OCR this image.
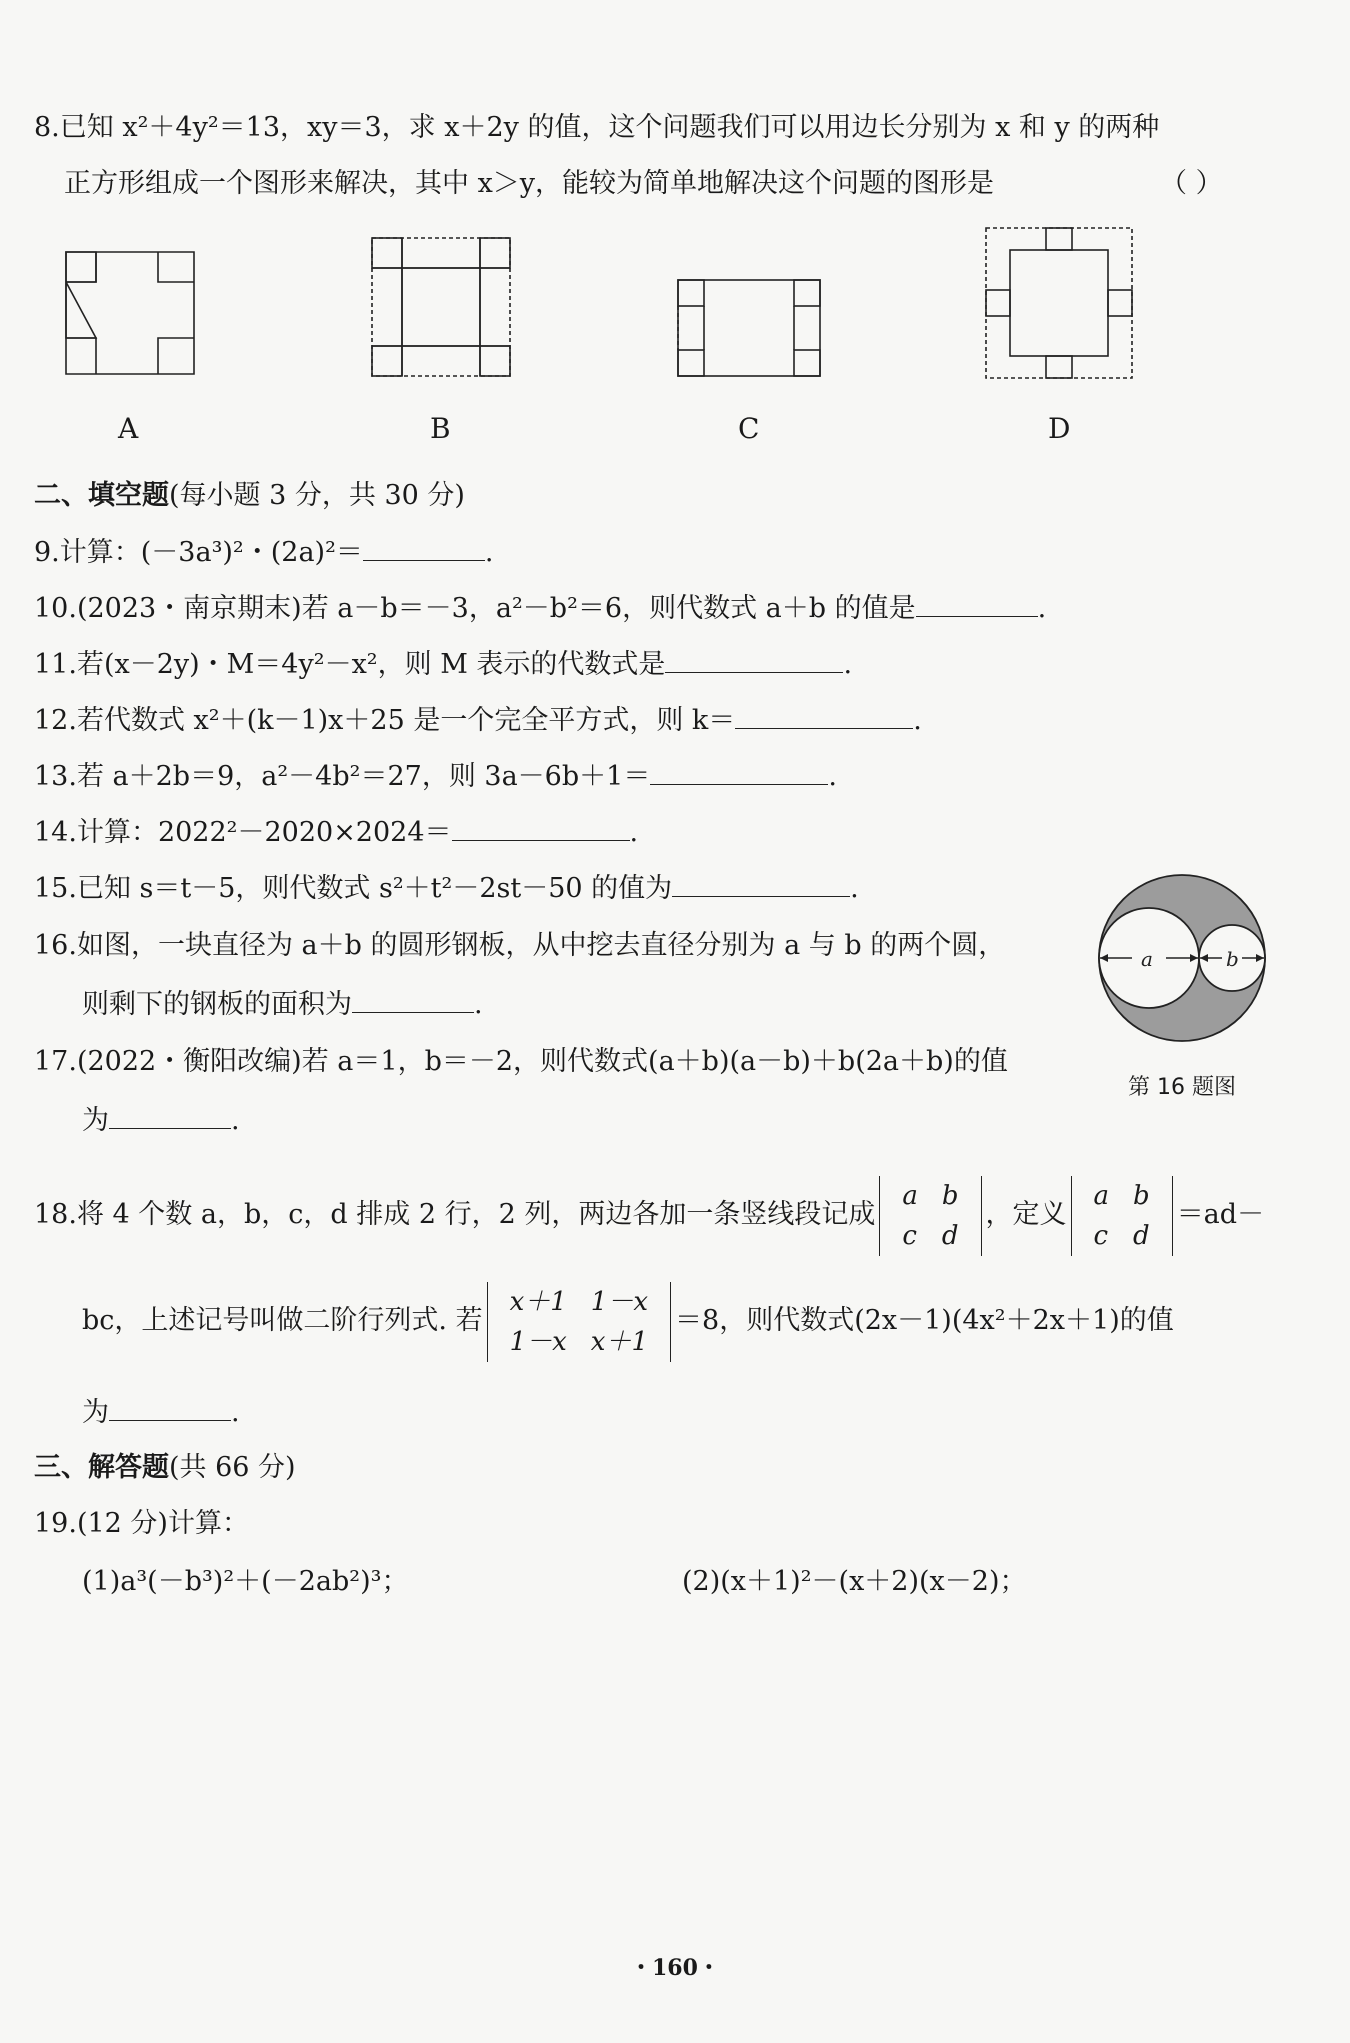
8.已知 x²＋4y²＝13，xy＝3，求 x＋2y 的值，这个问题我们可以用边长分别为 x 和 y 的两种
正方形组成一个图形来解决，其中 x＞y，能较为简单地解决这个问题的图形是	（ ）
A	B	C	D
二、填空题(每小题 3 分，共 30 分)
9.计算：(－3a³)²・(2a)²＝	.
10.(2023・南京期末)若 a－b＝－3，a²－b²＝6，则代数式 a＋b 的值是	.
11.若(x－2y)・M＝4y²－x²，则 M 表示的代数式是	.
12.若代数式 x²＋(k－1)x＋25 是一个完全平方式，则 k＝	.
13.若 a＋2b＝9，a²－4b²＝27，则 3a－6b＋1＝	.
14.计算：2022²－2020×2024＝	.
15.已知 s＝t－5，则代数式 s²＋t²－2st－50 的值为	.
16.如图，一块直径为 a＋b 的圆形钢板，从中挖去直径分别为 a 与 b 的两个圆，
则剩下的钢板的面积为	.
a	b
第 16 题图
17.(2022・衡阳改编)若 a＝1，b＝－2，则代数式(a＋b)(a－b)＋b(2a＋b)的值
为	.
18.将 4 个数 a，b，c，d 排成 2 行，2 列，两边各加一条竖线段记成
a	b
c	d
，定义
a	b
c	d
＝ad－
bc，上述记号叫做二阶行列式. 若
x＋1	1－x
1－x	x＋1
＝8，则代数式(2x－1)(4x²＋2x＋1)的值
为	.
三、解答题(共 66 分)
19.(12 分)计算：
(1)a³(－b³)²＋(－2ab²)³；	(2)(x＋1)²－(x＋2)(x－2)；
・160・
